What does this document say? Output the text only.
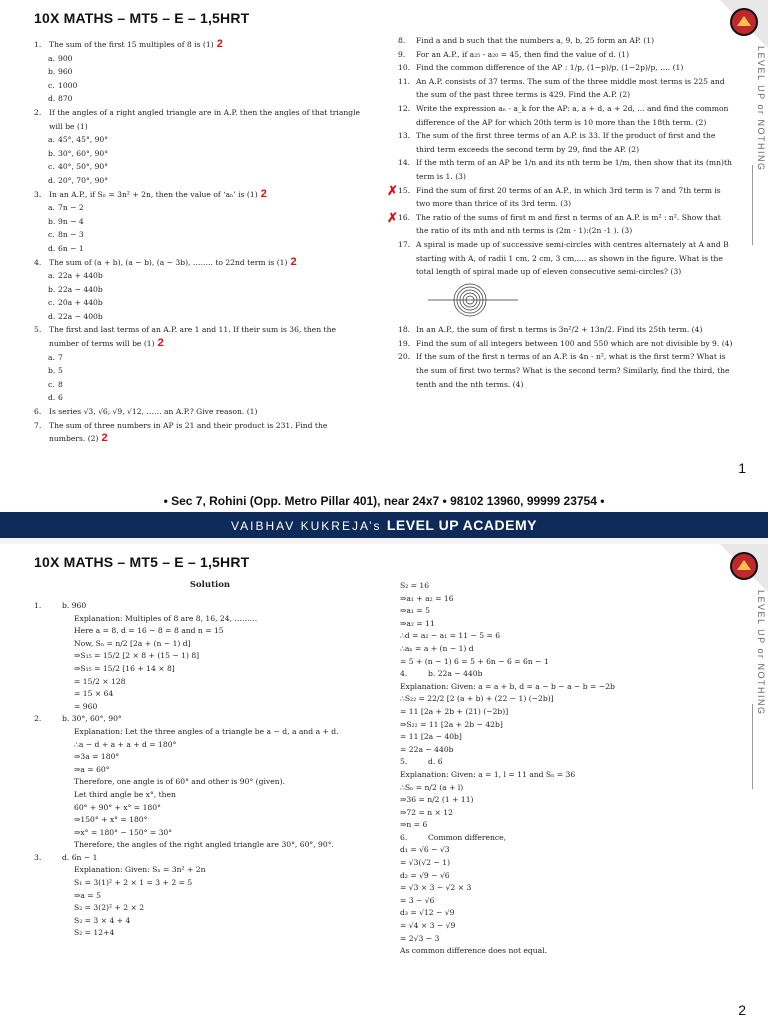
10X MATHS – MT5 – E – 1,5HRT
LEVEL UP or NOTHING
1.	The sum of the first 15 multiples of 8 is (1) 2
a. 900
b. 960
c. 1000
d. 870
2.	If the angles of a right angled triangle are in A.P. then the angles of that triangle will be (1)
a. 45°, 45°, 90°
b. 30°, 60°, 90°
c. 40°, 50°, 90°
d. 20°, 70°, 90°
3.	In an A.P., if Sₙ = 3n² + 2n, then the value of ‘aₙ’ is (1) 2
a. 7n − 2
b. 9n − 4
c. 8n − 3
d. 6n − 1
4.	The sum of (a + b), (a − b), (a − 3b), …….. to 22nd term is (1) 2
a. 22a + 440b
b. 22a − 440b
c. 20a + 440b
d. 22a − 400b
5.	The first and last terms of an A.P. are 1 and 11. If their sum is 36, then the number of terms will be (1) 2
a. 7
b. 5
c. 8
d. 6
6.	Is series √3, √6, √9, √12, …… an A.P.? Give reason. (1)
7.	The sum of three numbers in AP is 21 and their product is 231. Find the numbers. (2) 2
8.	Find a and b such that the numbers a, 9, b, 25 form an AP. (1)
9.	For an A.P., if a₂₅ - a₂₀ = 45, then find the value of d. (1)
10. Find the common difference of the AP : 1/p, (1−p)/p, (1−2p)/p, …. (1)
11. An A.P. consists of 37 terms. The sum of the three middle most terms is 225 and the sum of the past three terms is 429. Find the A.P. (2)
12. Write the expression aₙ - a_k for the AP: a, a + d, a + 2d, ... and find the common difference of the AP for which 20th term is 10 more than the 18th term. (2)
13. The sum of the first three terms of an A.P. is 33. If the product of first and the third term exceeds the second term by 29, find the AP. (2)
14. If the mth term of an AP be 1/n and its nth term be 1/m, then show that its (mn)th term is 1. (3)
✗ 15. Find the sum of first 20 terms of an A.P., in which 3rd term is 7 and 7th term is two more than thrice of its 3rd term. (3)
✗ 16. The ratio of the sums of first m and first n terms of an A.P. is m² : n². Show that the ratio of its mth and nth terms is (2m - 1):(2n -1 ). (3)
17. A spiral is made up of successive semi-circles with centres alternately at A and B starting with A, of radii 1 cm, 2 cm, 3 cm,.... as shown in the figure. What is the total length of spiral made up of eleven consecutive semi-circles? (3)
18. In an A.P., the sum of first n terms is 3n²/2 + 13n/2. Find its 25th term. (4)
19. Find the sum of all integers between 100 and 550 which are not divisible by 9. (4)
20. If the sum of the first n terms of an A.P. is 4n - n², what is the first term? What is the sum of first two terms? What is the second term? Similarly, find the third, the tenth and the nth terms. (4)
1
• Sec 7, Rohini (Opp. Metro Pillar 401), near 24x7 • 98102 13960, 99999 23754 •
VAIBHAV KUKREJA’s LEVEL UP ACADEMY
10X MATHS – MT5 – E – 1,5HRT
LEVEL UP or NOTHING
Solution
1.	b. 960
Explanation: Multiples of 8 are 8, 16, 24, ………
Here a = 8, d = 16 − 8 = 8 and n = 15
Now, Sₙ = n/2 [2a + (n − 1) d]
⇒S₁₅ = 15/2 [2 × 8 + (15 − 1) 8]
⇒S₁₅ = 15/2 [16 + 14 × 8]
= 15/2 × 128
= 15 × 64
= 960
2.	b. 30°, 60°, 90°
Explanation: Let the three angles of a triangle be a − d, a and a + d.
∴a − d + a + a + d = 180°
⇒3a = 180°
⇒a = 60°
Therefore, one angle is of 60° and other is 90° (given).
Let third angle be x°, then
60° + 90° + x° = 180°
⇒150° + x° = 180°
⇒x° = 180° − 150° = 30°
Therefore, the angles of the right angled triangle are 30°, 60°, 90°.
3.	d. 6n − 1
Explanation: Given: Sₙ = 3n² + 2n
S₁ = 3(1)² + 2 × 1 = 3 + 2 = 5
⇒a = 5
S₂ = 3(2)² + 2 × 2
S₂ = 3 × 4 + 4
S₂ = 12+4
S₂ = 16
⇒a₁ + a₂ = 16
⇒a₁ = 5
⇒a₂ = 11
∴d = a₂ − a₁ = 11 − 5 = 6
∴aₙ = a + (n − 1) d
= 5 + (n − 1) 6 = 5 + 6n − 6 = 6n − 1
4.	b. 22a − 440b
Explanation: Given: a = a + b, d = a − b − a − b = −2b
∴S₂₂ = 22/2 [2 (a + b) + (22 − 1) (−2b)]
= 11 [2a + 2b + (21) (−2b)]
⇒S₂₂ = 11 [2a + 2b − 42b]
= 11 [2a − 40b]
= 22a − 440b
5.	d. 6
Explanation: Given: a = 1, l = 11 and Sₙ = 36
∴Sₙ = n/2 (a + l)
⇒36 = n/2 (1 + 11)
⇒72 = n × 12
⇒n = 6
6.	Common difference,
d₁ = √6 − √3
= √3(√2 − 1)
d₂ = √9 − √6
= √3 × 3 − √2 × 3
= 3 − √6
d₃ = √12 − √9
= √4 × 3 − √9
= 2√3 − 3
As common difference does not equal.
2
